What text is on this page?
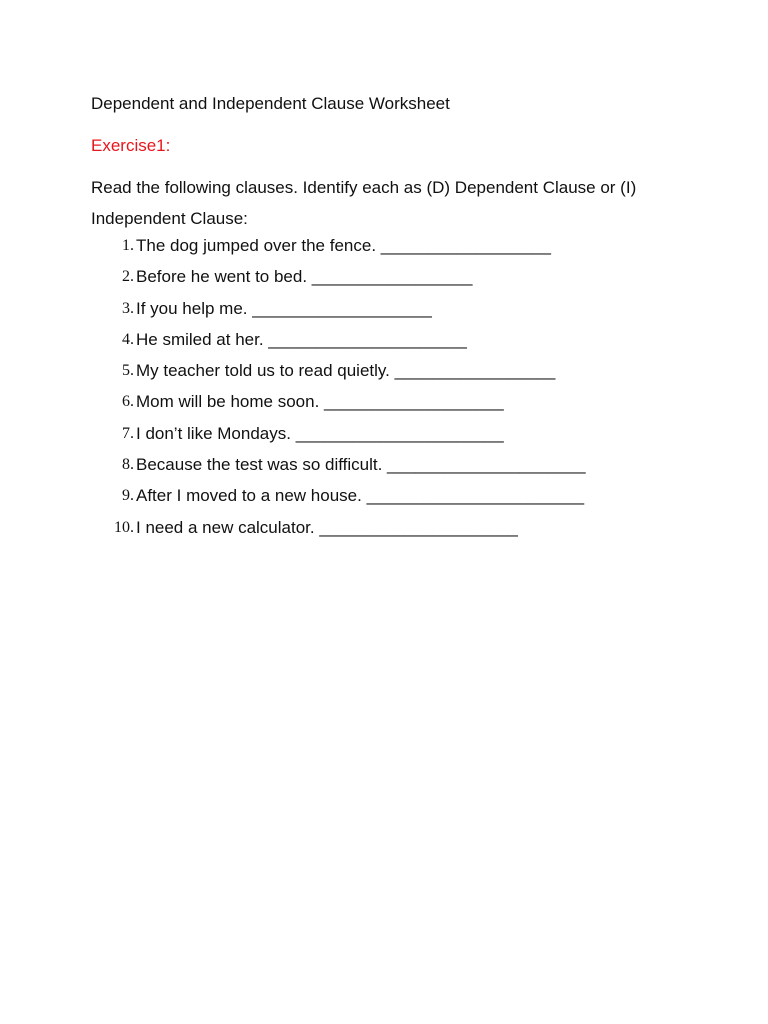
Dependent and Independent Clause Worksheet
Exercise1:
Read the following clauses. Identify each as (D) Dependent Clause or (I) Independent Clause:
1. The dog jumped over the fence. __________________
2. Before he went to bed. _________________
3. If you help me. ___________________
4. He smiled at her. _____________________
5. My teacher told us to read quietly. _________________
6. Mom will be home soon. ___________________
7. I don’t like Mondays. ______________________
8. Because the test was so difficult. _____________________
9. After I moved to a new house. _______________________
10. I need a new calculator. _____________________
